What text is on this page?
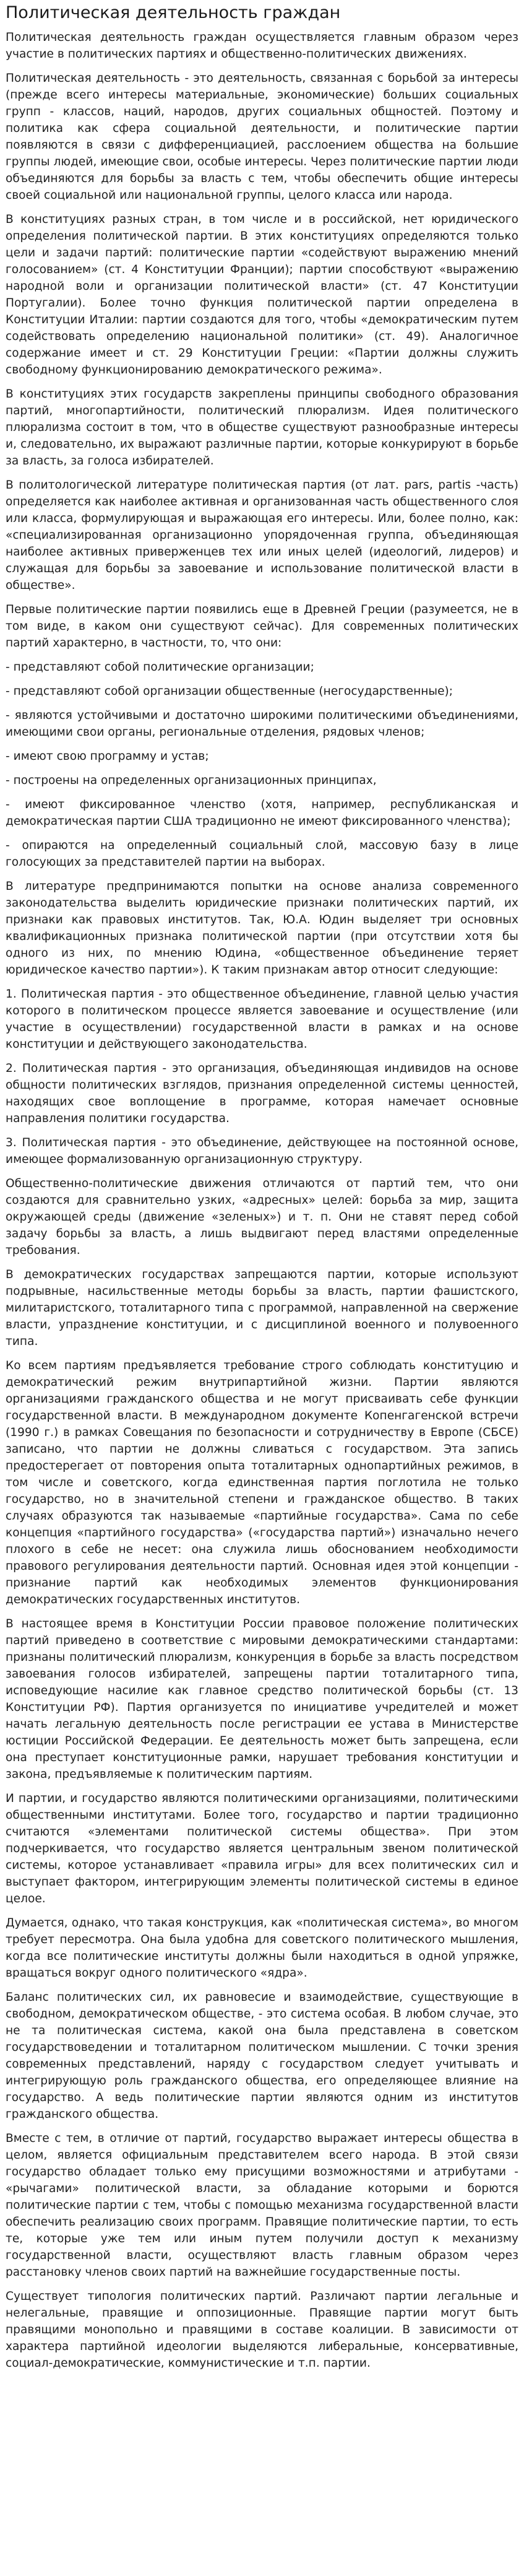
Политическая деятельность граждан

Политическая деятельность граждан осуществляется главным образом через участие в политических партиях и общественно-политических движениях.

Политическая деятельность - это деятельность, связанная с борьбой за интересы (прежде всего интересы материальные, экономические) больших социальных групп - классов, наций, народов, других социальных общностей. Поэтому и политика как сфера социальной деятельности, и политические партии появляются в связи с дифференциацией, расслоением общества на большие группы людей, имеющие свои, особые интересы. Через политические партии люди объединяются для борьбы за власть с тем, чтобы обеспечить общие интересы своей социальной или национальной группы, целого класса или народа.

В конституциях разных стран, в том числе и в российской, нет юридического определения политической партии. В этих конституциях определяются только цели и задачи партий: политические партии «содействуют выражению мнений голосованием» (ст. 4 Конституции Франции); партии способствуют «выражению народной воли и организации политической власти» (ст. 47 Конституции Португалии). Более точно функция политической партии определена в Конституции Италии: партии создаются для того, чтобы «демократическим путем содействовать определению национальной политики» (ст. 49). Аналогичное содержание имеет и ст. 29 Конституции Греции: «Партии должны служить свободному функционированию демократического режима».

В конституциях этих государств закреплены принципы свободного образования партий, многопартийности, политический плюрализм. Идея политического плюрализма состоит в том, что в обществе существуют разнообразные интересы и, следовательно, их выражают различные партии, которые конкурируют в борьбе за власть, за голоса избирателей.

В политологической литературе политическая партия (от лат. pars, partis -часть) определяется как наиболее активная и организованная часть общественного слоя или класса, формулирующая и выражающая его интересы. Или, более полно, как: «специализированная организационно упорядоченная группа, объединяющая наиболее активных приверженцев тех или иных целей (идеологий, лидеров) и служащая для борьбы за завоевание и использование политической власти в обществе».

Первые политические партии появились еще в Древней Греции (разумеется, не в том виде, в каком они существуют сейчас). Для современных политических партий характерно, в частности, то, что они:

- представляют собой политические организации;

- представляют собой организации общественные (негосударственные);

- являются устойчивыми и достаточно широкими политическими объединениями, имеющими свои органы, региональные отделения, рядовых членов;

- имеют свою программу и устав;

- построены на определенных организационных принципах,

- имеют фиксированное членство (хотя, например, республиканская и демократическая партии США традиционно не имеют фиксированного членства);

- опираются на определенный социальный слой, массовую базу в лице голосующих за представителей партии на выборах.

В литературе предпринимаются попытки на основе анализа современного законодательства выделить юридические признаки политических партий, их признаки как правовых институтов. Так, Ю.А. Юдин выделяет три основных квалификационных признака политической партии (при отсутствии хотя бы одного из них, по мнению Юдина, «общественное объединение теряет юридическое качество партии»). К таким признакам автор относит следующие:

1. Политическая партия - это общественное объединение, главной целью участия которого в политическом процессе является завоевание и осуществление (или участие в осуществлении) государственной власти в рамках и на основе конституции и действующего законодательства.

2. Политическая партия - это организация, объединяющая индивидов на основе общности политических взглядов, признания определенной системы ценностей, находящих свое воплощение в программе, которая намечает основные направления политики государства.

3. Политическая партия - это объединение, действующее на постоянной основе, имеющее формализованную организационную структуру.

Общественно-политические движения отличаются от партий тем, что они создаются для сравнительно узких, «адресных» целей: борьба за мир, защита окружающей среды (движение «зеленых») и т. п. Они не ставят перед собой задачу борьбы за власть, а лишь выдвигают перед властями определенные требования.

В демократических государствах запрещаются партии, которые используют подрывные, насильственные методы борьбы за власть, партии фашистского, милитаристского, тоталитарного типа с программой, направленной на свержение власти, упразднение конституции, и с дисциплиной военного и полувоенного типа.

Ко всем партиям предъявляется требование строго соблюдать конституцию и демократический режим внутрипартийной жизни. Партии являются организациями гражданского общества и не могут присваивать себе функции государственной власти. В международном документе Копенгагенской встречи (1990 г.) в рамках Совещания по безопасности и сотрудничеству в Европе (СБСЕ) записано, что партии не должны сливаться с государством. Эта запись предостерегает от повторения опыта тоталитарных однопартийных режимов, в том числе и советского, когда единственная партия поглотила не только государство, но в значительной степени и гражданское общество. В таких случаях образуются так называемые «партийные государства». Сама по себе концепция «партийного государства» («государства партий») изначально нечего плохого в себе не несет: она служила лишь обоснованием необходимости правового регулирования деятельности партий. Основная идея этой концепции - признание партий как необходимых элементов функционирования демократических государственных институтов.

В настоящее время в Конституции России правовое положение политических партий приведено в соответствие с мировыми демократическими стандартами: признаны политический плюрализм, конкуренция в борьбе за власть посредством завоевания голосов избирателей, запрещены партии тоталитарного типа, исповедующие насилие как главное средство политической борьбы (ст. 13 Конституции РФ). Партия организуется по инициативе учредителей и может начать легальную деятельность после регистрации ее устава в Министерстве юстиции Российской Федерации. Ее деятельность может быть запрещена, если она преступает конституционные рамки, нарушает требования конституции и закона, предъявляемые к политическим партиям.

И партии, и государство являются политическими организациями, политическими общественными институтами. Более того, государство и партии традиционно считаются «элементами политической системы общества». При этом подчеркивается, что государство является центральным звеном политической системы, которое устанавливает «правила игры» для всех политических сил и выступает фактором, интегрирующим элементы политической системы в единое целое.

Думается, однако, что такая конструкция, как «политическая система», во многом требует пересмотра. Она была удобна для советского политического мышления, когда все политические институты должны были находиться в одной упряжке, вращаться вокруг одного политического «ядра».

Баланс политических сил, их равновесие и взаимодействие, существующие в свободном, демократическом обществе, - это система особая. В любом случае, это не та политическая система, какой она была представлена в советском государствоведении и тоталитарном политическом мышлении. С точки зрения современных представлений, наряду с государством следует учитывать и интегрирующую роль гражданского общества, его определяющее влияние на государство. А ведь политические партии являются одним из институтов гражданского общества.

Вместе с тем, в отличие от партий, государство выражает интересы общества в целом, является официальным представителем всего народа. В этой связи государство обладает только ему присущими возможностями и атрибутами - «рычагами» политической власти, за обладание которыми и борются политические партии с тем, чтобы с помощью механизма государственной власти обеспечить реализацию своих программ. Правящие политические партии, то есть те, которые уже тем или иным путем получили доступ к механизму государственной власти, осуществляют власть главным образом через расстановку членов своих партий на важнейшие государственные посты.

Существует типология политических партий. Различают партии легальные и нелегальные, правящие и оппозиционные. Правящие партии могут быть правящими монопольно и правящими в составе коалиции. В зависимости от характера партийной идеологии выделяются либеральные, консервативные, социал-демократические, коммунистические и т.п. партии.
